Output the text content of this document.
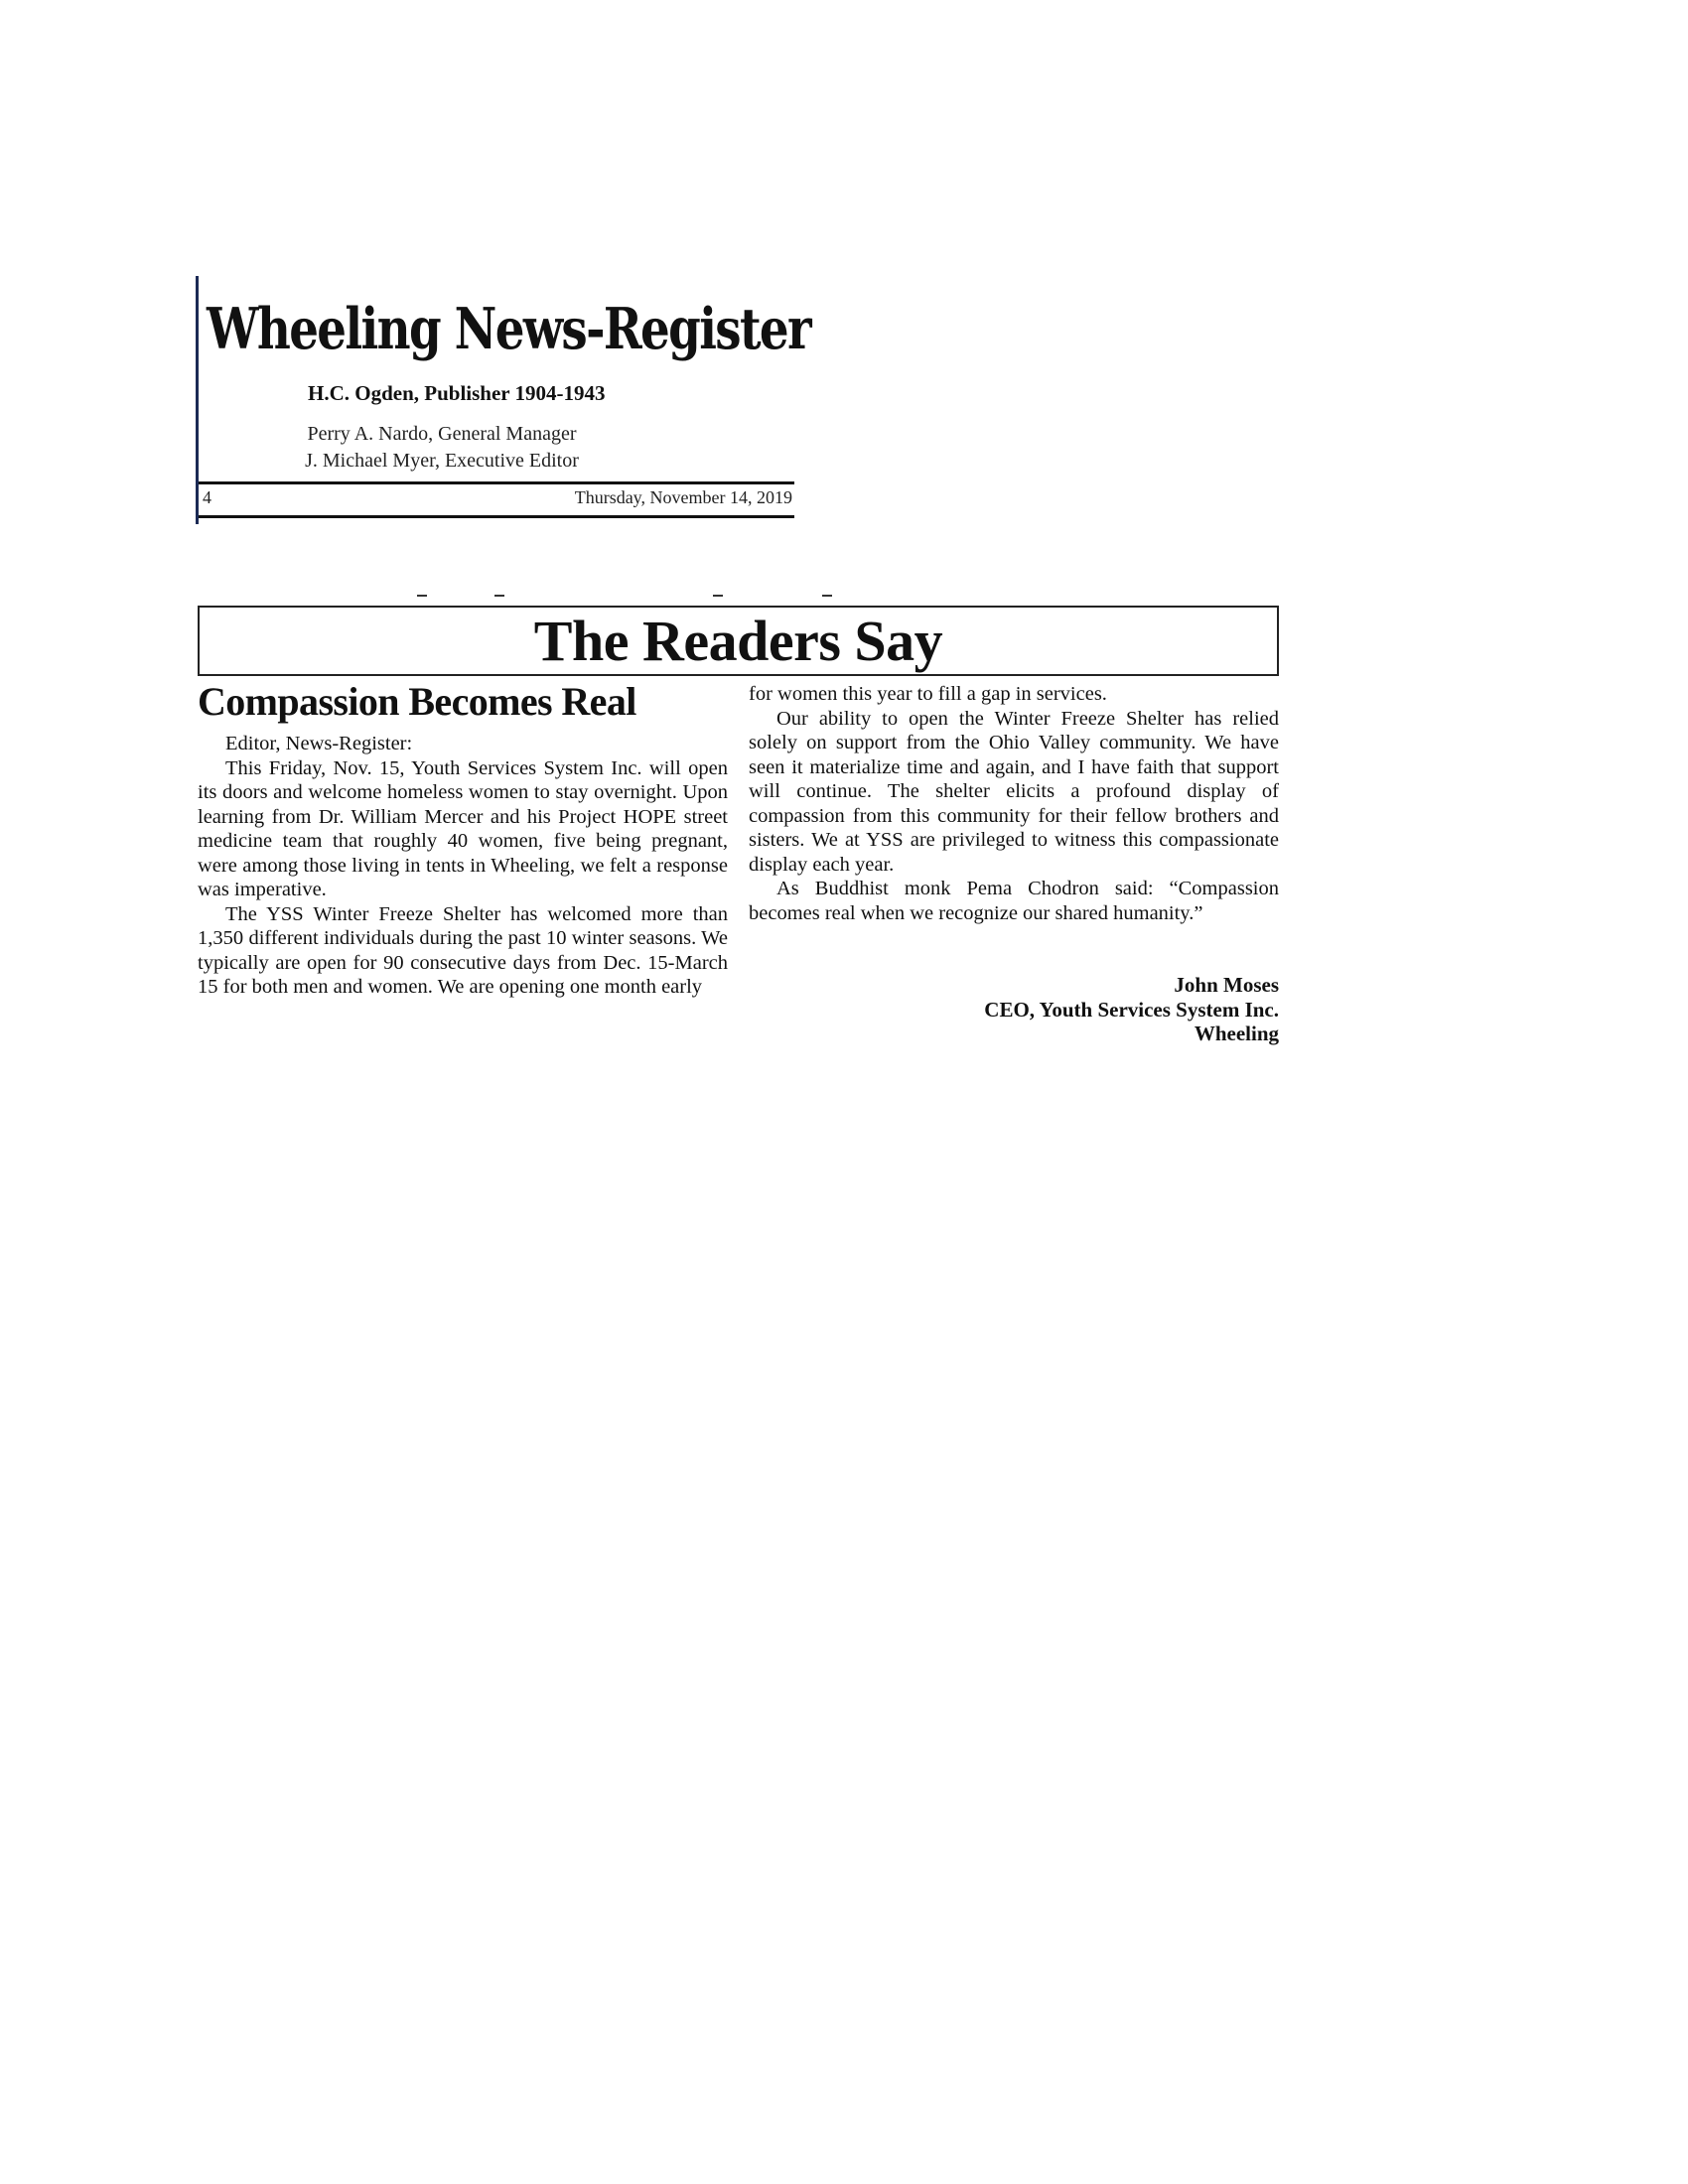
Wheeling News-Register
H.C. Ogden, Publisher 1904-1943
Perry A. Nardo, General Manager
J. Michael Myer, Executive Editor
4	Thursday, November 14, 2019
The Readers Say
Compassion Becomes Real

Editor, News-Register:

This Friday, Nov. 15, Youth Services System Inc. will open its doors and welcome homeless women to stay overnight. Upon learning from Dr. William Mercer and his Project HOPE street medicine team that roughly 40 women, five being pregnant, were among those living in tents in Wheeling, we felt a response was imperative.

The YSS Winter Freeze Shelter has welcomed more than 1,350 different individuals during the past 10 winter seasons. We typically are open for 90 consecutive days from Dec. 15-March 15 for both men and women. We are opening one month early

for women this year to fill a gap in services.

Our ability to open the Winter Freeze Shelter has relied solely on support from the Ohio Valley community. We have seen it materialize time and again, and I have faith that support will continue. The shelter elicits a profound display of compassion from this community for their fellow brothers and sisters. We at YSS are privileged to witness this compassionate display each year.

As Buddhist monk Pema Chodron said: “Compassion becomes real when we recognize our shared humanity.”

John Moses
CEO, Youth Services System Inc.
Wheeling
